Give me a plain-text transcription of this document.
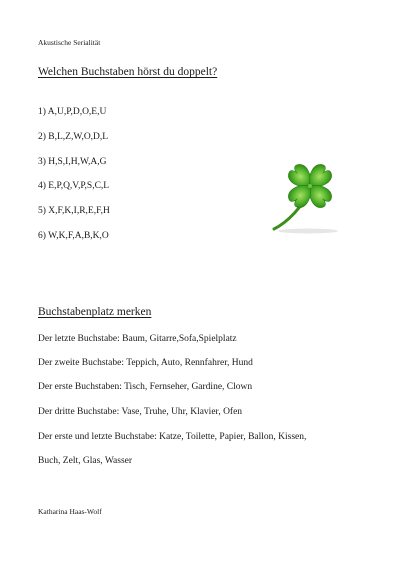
Akustische Serialität
Welchen Buchstaben hörst du doppelt?
1) A,U,P,D,O,E,U
2) B,L,Z,W,O,D,L
3) H,S,I,H,W,A,G
4) E,P,Q,V,P,S,C,L
5) X,F,K,I,R,E,F,H
6) W,K,F,A,B,K,O
Buchstabenplatz merken
Der letzte Buchstabe: Baum, Gitarre,Sofa,Spielplatz
Der zweite Buchstabe: Teppich, Auto, Rennfahrer, Hund
Der erste Buchstaben: Tisch, Fernseher, Gardine, Clown
Der dritte Buchstabe: Vase, Truhe, Uhr, Klavier, Ofen
Der erste und letzte Buchstabe: Katze, Toilette, Papier, Ballon, Kissen,
Buch, Zelt, Glas, Wasser
Katharina Haas-Wolf
